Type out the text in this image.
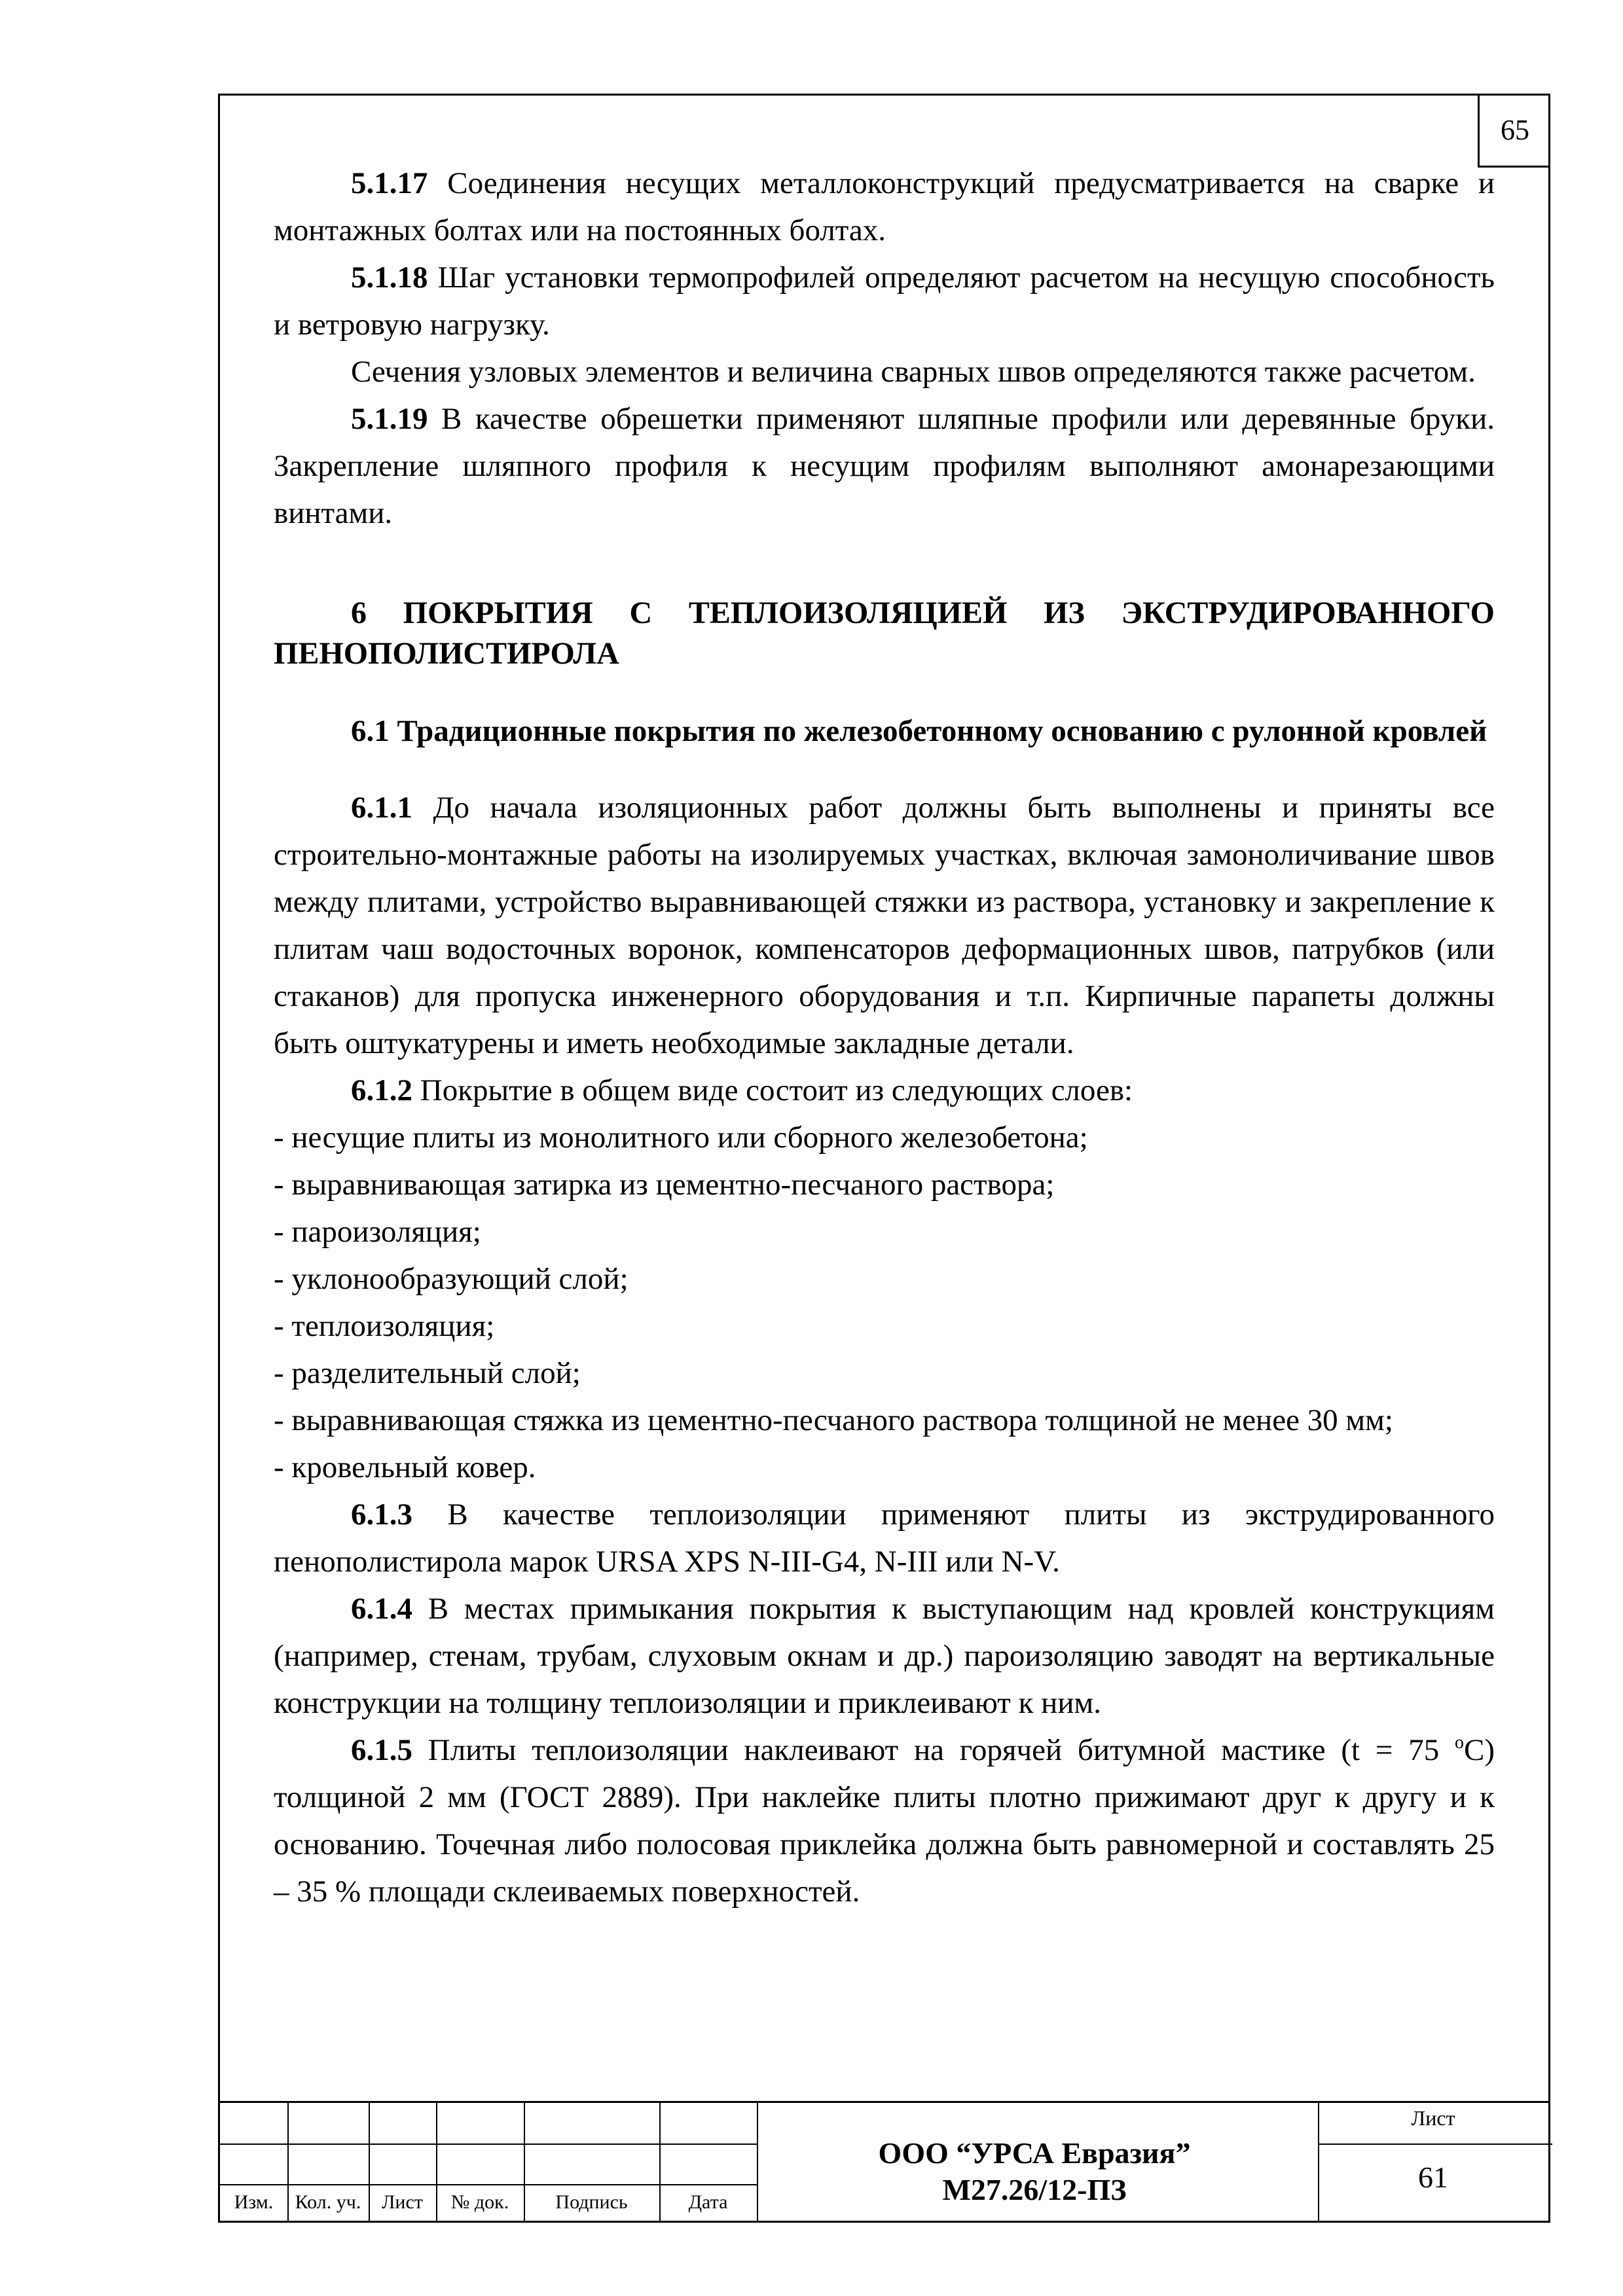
65

5.1.17 Соединения несущих металлоконструкций предусматривается на сварке и монтажных болтах или на постоянных болтах.

5.1.18 Шаг установки термопрофилей определяют расчетом на несущую способность и ветровую нагрузку.

Сечения узловых элементов и величина сварных швов определяются также расчетом.

5.1.19 В качестве обрешетки применяют шляпные профили или деревянные бруки. Закрепление шляпного профиля к несущим профилям выполняют амонарезающими винтами.

6 ПОКРЫТИЯ С ТЕПЛОИЗОЛЯЦИЕЙ ИЗ ЭКСТРУДИРОВАННОГО ПЕНОПОЛИСТИРОЛА

6.1 Традиционные покрытия по железобетонному основанию с рулонной кровлей

6.1.1 До начала изоляционных работ должны быть выполнены и приняты все строительно-монтажные работы на изолируемых участках, включая замоноличивание швов между плитами, устройство выравнивающей стяжки из раствора, установку и закрепление к плитам чаш водосточных воронок, компенсаторов деформационных швов, патрубков (или стаканов) для пропуска инженерного оборудования и т.п. Кирпичные парапеты должны быть оштукатурены и иметь необходимые закладные детали.

6.1.2 Покрытие в общем виде состоит из следующих слоев:

- несущие плиты из монолитного или сборного железобетона;

- выравнивающая затирка из цементно-песчаного раствора;

- пароизоляция;

- уклонообразующий слой;

- теплоизоляция;

- разделительный слой;

- выравнивающая стяжка из цементно-песчаного раствора толщиной не менее 30 мм;

- кровельный ковер.

6.1.3 В качестве теплоизоляции применяют плиты из экструдированного пенополистирола марок URSA XPS N-III-G4, N-III или N-V.

6.1.4 В местах примыкания покрытия к выступающим над кровлей конструкциям (например, стенам, трубам, слуховым окнам и др.) пароизоляцию заводят на вертикальные конструкции на толщину теплоизоляции и приклеивают к ним.

6.1.5 Плиты теплоизоляции наклеивают на горячей битумной мастике (t = 75 $^o$С) толщиной 2 мм (ГОСТ 2889). При наклейке плиты плотно прижимают друг к другу и к основанию. Точечная либо полосовая приклейка должна быть равномерной и составлять 25 – 35 % площади склеиваемых поверхностей.

Изм.	Кол. уч.	Лист	№ док.	Подпись	Дата
ООО “УРСА Евразия”
М27.26/12-ПЗ
Лист
61
